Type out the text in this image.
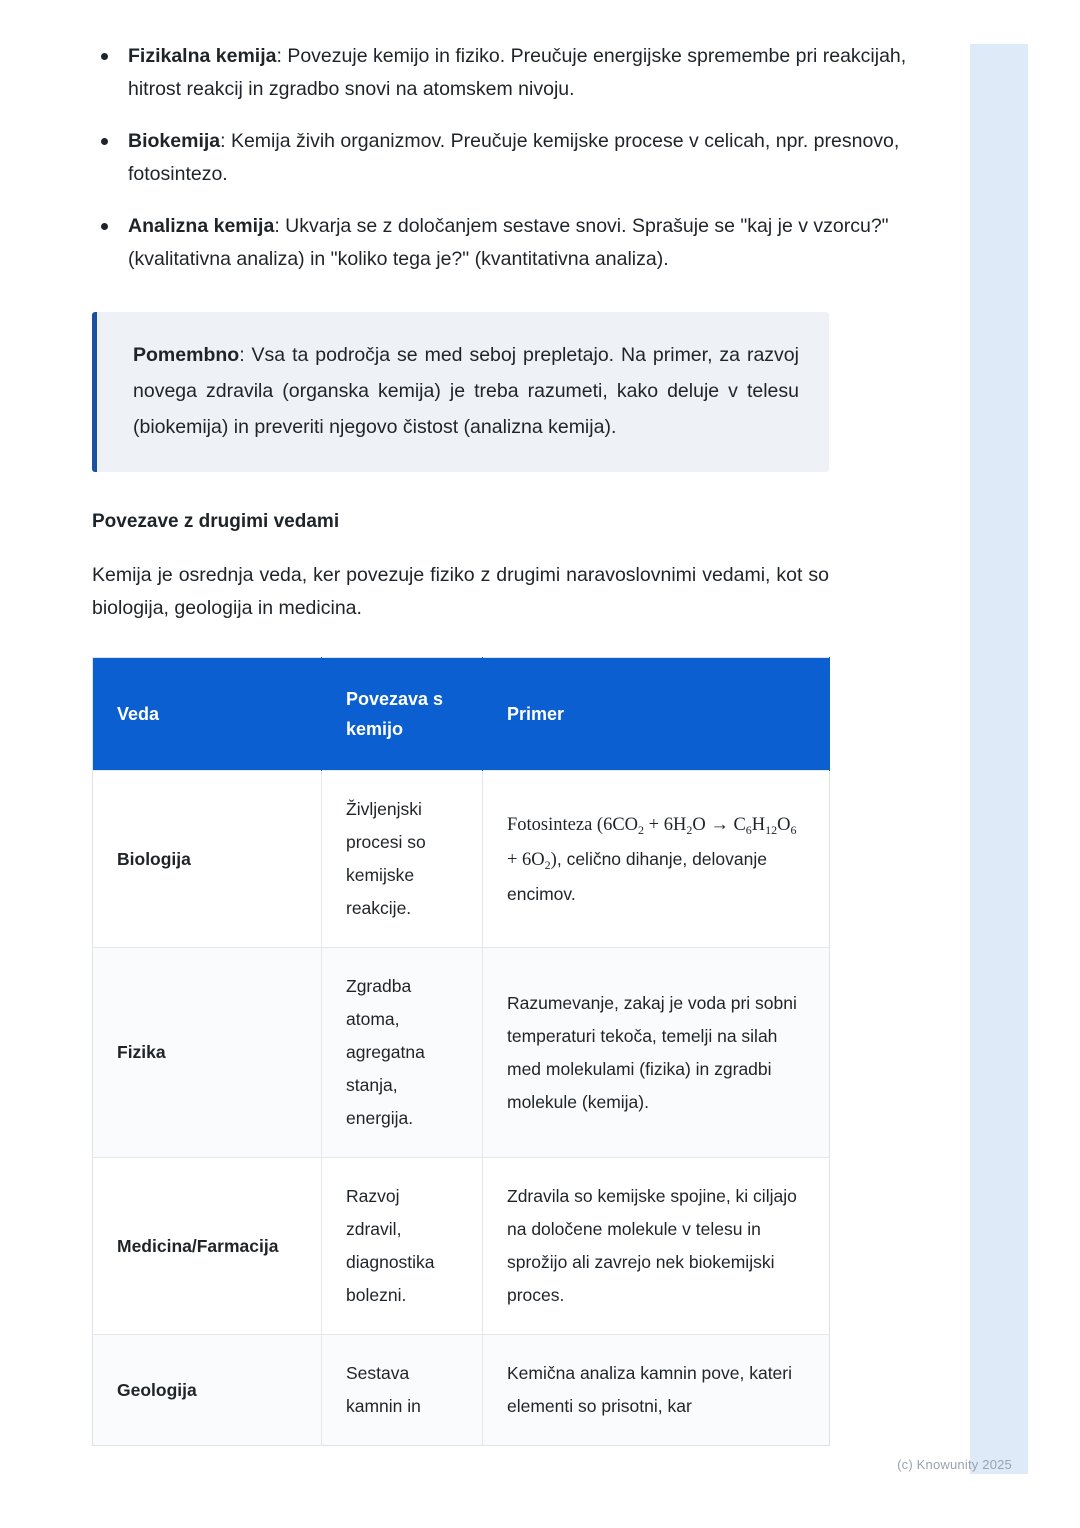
Fizikalna kemija: Povezuje kemijo in fiziko. Preučuje energijske spremembe pri reakcijah, hitrost reakcij in zgradbo snovi na atomskem nivoju.
Biokemija: Kemija živih organizmov. Preučuje kemijske procese v celicah, npr. presnovo, fotosintezo.
Analizna kemija: Ukvarja se z določanjem sestave snovi. Sprašuje se "kaj je v vzorcu?" (kvalitativna analiza) in "koliko tega je?" (kvantitativna analiza).

Pomembno: Vsa ta področja se med seboj prepletajo. Na primer, za razvoj novega zdravila (organska kemija) je treba razumeti, kako deluje v telesu (biokemija) in preveriti njegovo čistost (analizna kemija).

Povezave z drugimi vedami

Kemija je osrednja veda, ker povezuje fiziko z drugimi naravoslovnimi vedami, kot so biologija, geologija in medicina.

Veda	Povezava s kemijo	Primer
Biologija	Življenjski procesi so kemijske reakcije.	Fotosinteza $(6CO_2 + 6H_2O \to C_6H_{12}O_6 + 6O_2)$, celično dihanje, delovanje encimov.
Fizika	Zgradba atoma, agregatna stanja, energija.	Razumevanje, zakaj je voda pri sobni temperaturi tekoča, temelji na silah med molekulami (fizika) in zgradbi molekule (kemija).
Medicina/Farmacija	Razvoj zdravil, diagnostika bolezni.	Zdravila so kemijske spojine, ki ciljajo na določene molekule v telesu in sprožijo ali zavrejo nek biokemijski proces.
Geologija	Sestava kamnin in	Kemična analiza kamnin pove, kateri elementi so prisotni, kar
(c) Knowunity 2025
